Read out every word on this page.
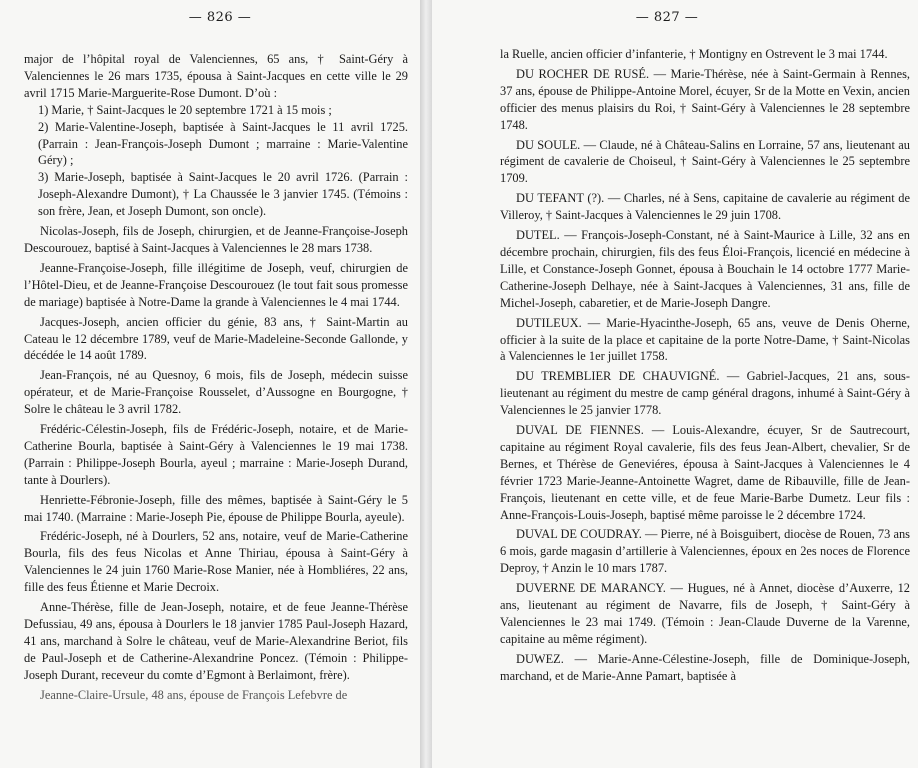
— 826 —

major de l’hôpital royal de Valenciennes, 65 ans, † Saint-Géry à Valenciennes le 26 mars 1735, épousa à Saint-Jacques en cette ville le 29 avril 1715 Marie-Marguerite-Rose Dumont. D’où :

1) Marie, † Saint-Jacques le 20 septembre 1721 à 15 mois ;

2) Marie-Valentine-Joseph, baptisée à Saint-Jacques le 11 avril 1725. (Parrain : Jean-François-Joseph Dumont ; marraine : Marie-Valentine Géry) ;

3) Marie-Joseph, baptisée à Saint-Jacques le 20 avril 1726. (Parrain : Joseph-Alexandre Dumont), † La Chaussée le 3 janvier 1745. (Témoins : son frère, Jean, et Joseph Dumont, son oncle).

Nicolas-Joseph, fils de Joseph, chirurgien, et de Jeanne-Françoise-Joseph Descourouez, baptisé à Saint-Jacques à Valenciennes le 28 mars 1738.

Jeanne-Françoise-Joseph, fille illégitime de Joseph, veuf, chirurgien de l’Hôtel-Dieu, et de Jeanne-Françoise Descourouez (le tout fait sous promesse de mariage) baptisée à Notre-Dame la grande à Valenciennes le 4 mai 1744.

Jacques-Joseph, ancien officier du génie, 83 ans, † Saint-Martin au Cateau le 12 décembre 1789, veuf de Marie-Madeleine-Seconde Gallonde, y décédée le 14 août 1789.

Jean-François, né au Quesnoy, 6 mois, fils de Joseph, médecin suisse opérateur, et de Marie-Françoise Rousselet, d’Aussogne en Bourgogne, † Solre le château le 3 avril 1782.

Frédéric-Célestin-Joseph, fils de Frédéric-Joseph, notaire, et de Marie-Catherine Bourla, baptisée à Saint-Géry à Valenciennes le 19 mai 1738. (Parrain : Philippe-Joseph Bourla, ayeul ; marraine : Marie-Joseph Durand, tante à Dourlers).

Henriette-Fébronie-Joseph, fille des mêmes, baptisée à Saint-Géry le 5 mai 1740. (Marraine : Marie-Joseph Pie, épouse de Philippe Bourla, ayeule).

Frédéric-Joseph, né à Dourlers, 52 ans, notaire, veuf de Marie-Catherine Bourla, fils des feus Nicolas et Anne Thiriau, épousa à Saint-Géry à Valenciennes le 24 juin 1760 Marie-Rose Manier, née à Hombliéres, 22 ans, fille des feus Étienne et Marie Decroix.

Anne-Thérèse, fille de Jean-Joseph, notaire, et de feue Jeanne-Thérèse Defussiau, 49 ans, épousa à Dourlers le 18 janvier 1785 Paul-Joseph Hazard, 41 ans, marchand à Solre le château, veuf de Marie-Alexandrine Beriot, fils de Paul-Joseph et de Catherine-Alexandrine Poncez. (Témoin : Philippe-Joseph Durant, receveur du comte d’Egmont à Berlaimont, frère).

Jeanne-Claire-Ursule, 48 ans, épouse de François Lefebvre de

— 827 —

la Ruelle, ancien officier d’infanterie, † Montigny en Ostrevent le 3 mai 1744.

DU ROCHER DE RUSÉ. — Marie-Thérèse, née à Saint-Germain à Rennes, 37 ans, épouse de Philippe-Antoine Morel, écuyer, Sr de la Motte en Vexin, ancien officier des menus plaisirs du Roi, † Saint-Géry à Valenciennes le 28 septembre 1748.

DU SOULE. — Claude, né à Château-Salins en Lorraine, 57 ans, lieutenant au régiment de cavalerie de Choiseul, † Saint-Géry à Valenciennes le 25 septembre 1709.

DU TEFANT (?). — Charles, né à Sens, capitaine de cavalerie au régiment de Villeroy, † Saint-Jacques à Valenciennes le 29 juin 1708.

DUTEL. — François-Joseph-Constant, né à Saint-Maurice à Lille, 32 ans en décembre prochain, chirurgien, fils des feus Éloi-François, licencié en médecine à Lille, et Constance-Joseph Gonnet, épousa à Bouchain le 14 octobre 1777 Marie-Catherine-Joseph Delhaye, née à Saint-Jacques à Valenciennes, 31 ans, fille de Michel-Joseph, cabaretier, et de Marie-Joseph Dangre.

DUTILEUX. — Marie-Hyacinthe-Joseph, 65 ans, veuve de Denis Oherne, officier à la suite de la place et capitaine de la porte Notre-Dame, † Saint-Nicolas à Valenciennes le 1er juillet 1758.

DU TREMBLIER DE CHAUVIGNÉ. — Gabriel-Jacques, 21 ans, sous-lieutenant au régiment du mestre de camp général dragons, inhumé à Saint-Géry à Valenciennes le 25 janvier 1778.

DUVAL DE FIENNES. — Louis-Alexandre, écuyer, Sr de Sautrecourt, capitaine au régiment Royal cavalerie, fils des feus Jean-Albert, chevalier, Sr de Bernes, et Thérèse de Geneviéres, épousa à Saint-Jacques à Valenciennes le 4 février 1723 Marie-Jeanne-Antoinette Wagret, dame de Ribauville, fille de Jean-François, lieutenant en cette ville, et de feue Marie-Barbe Dumetz. Leur fils : Anne-François-Louis-Joseph, baptisé même paroisse le 2 décembre 1724.

DUVAL DE COUDRAY. — Pierre, né à Boisguibert, diocèse de Rouen, 73 ans 6 mois, garde magasin d’artillerie à Valenciennes, époux en 2es noces de Florence Deproy, † Anzin le 10 mars 1787.

DUVERNE DE MARANCY. — Hugues, né à Annet, diocèse d’Auxerre, 12 ans, lieutenant au régiment de Navarre, fils de Joseph, † Saint-Géry à Valenciennes le 23 mai 1749. (Témoin : Jean-Claude Duverne de la Varenne, capitaine au même régiment).

DUWEZ. — Marie-Anne-Célestine-Joseph, fille de Dominique-Joseph, marchand, et de Marie-Anne Pamart, baptisée à
